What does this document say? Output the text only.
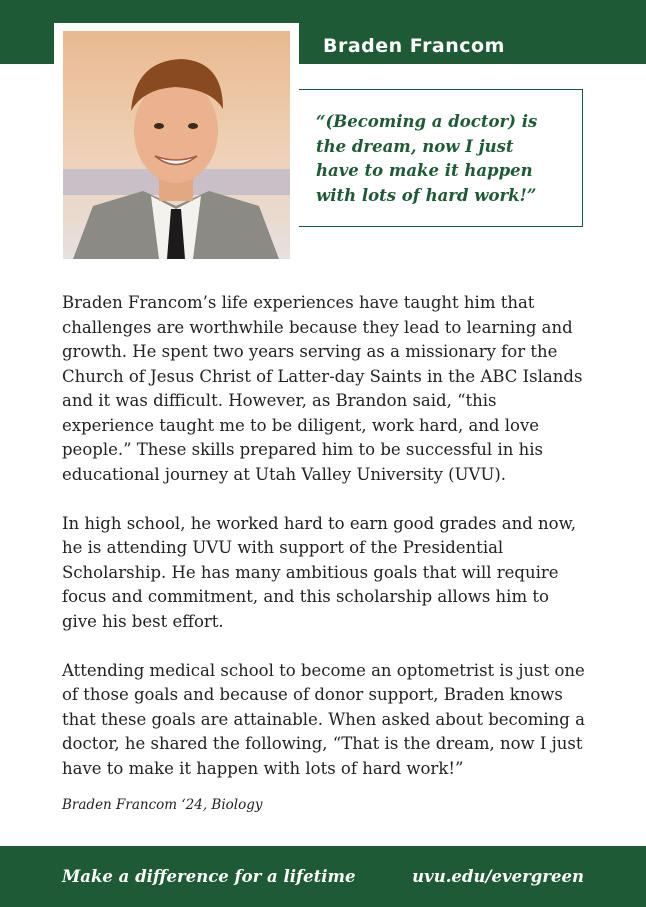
Braden Francom

“(Becoming a doctor) is the dream, now I just have to make it happen with lots of hard work!”

Braden Francom’s life experiences have taught him that challenges are worthwhile because they lead to learning and growth. He spent two years serving as a missionary for the Church of Jesus Christ of Latter-day Saints in the ABC Islands and it was difficult. However, as Brandon said, “this experience taught me to be diligent, work hard, and love people.” These skills prepared him to be successful in his educational journey at Utah Valley University (UVU).

In high school, he worked hard to earn good grades and now, he is attending UVU with support of the Presidential Scholarship. He has many ambitious goals that will require focus and commitment, and this scholarship allows him to give his best effort.

Attending medical school to become an optometrist is just one of those goals and because of donor support, Braden knows that these goals are attainable. When asked about becoming a doctor, he shared the following, “That is the dream, now I just have to make it happen with lots of hard work!”

Braden Francom ‘24, Biology
Make a difference for a lifetime	uvu.edu/evergreen
